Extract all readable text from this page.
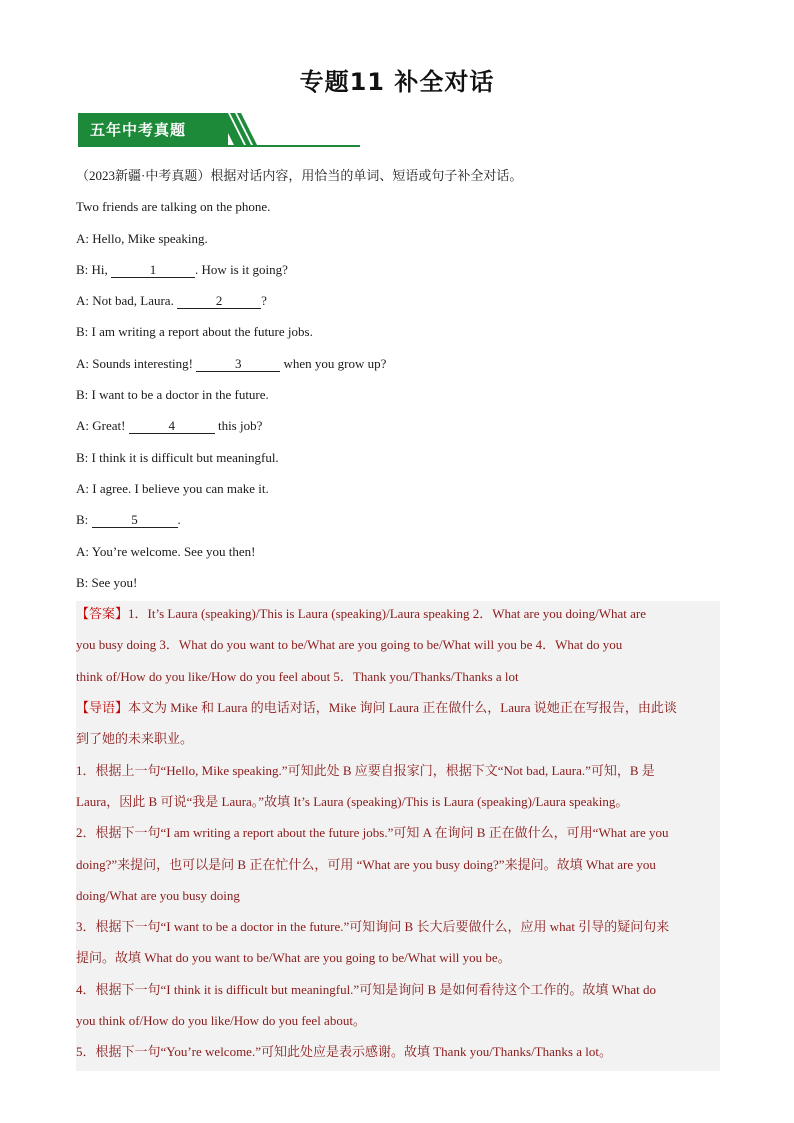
专题11 补全对话
五年中考真题
（2023新疆·中考真题）根据对话内容，用恰当的单词、短语或句子补全对话。
Two friends are talking on the phone.
A: Hello, Mike speaking.
B: Hi,	1	. How is it going?
A: Not bad, Laura.	2	?
B: I am writing a report about the future jobs.
A: Sounds interesting!	3	when you grow up?
B: I want to be a doctor in the future.
A: Great!	4	this job?
B: I think it is difficult but meaningful.
A: I agree. I believe you can make it.
B:	5	.
A: You’re welcome. See you then!
B: See you!
【答案】1．It’s Laura (speaking)/This is Laura (speaking)/Laura speaking 2．What are you doing/What are
you busy doing 3．What do you want to be/What are you going to be/What will you be 4．What do you
think of/How do you like/How do you feel about 5．Thank you/Thanks/Thanks a lot
【导语】本文为 Mike 和 Laura 的电话对话，Mike 询问 Laura 正在做什么，Laura 说她正在写报告，由此谈
到了她的未来职业。
1．根据上一句“Hello, Mike speaking.”可知此处 B 应要自报家门，根据下文“Not bad, Laura.”可知，B 是
Laura，因此 B 可说“我是 Laura。”故填 It’s Laura (speaking)/This is Laura (speaking)/Laura speaking。
2．根据下一句“I am writing a report about the future jobs.”可知 A 在询问 B 正在做什么，可用“What are you
doing?”来提问，也可以是问 B 正在忙什么，可用 “What are you busy doing?”来提问。故填 What are you
doing/What are you busy doing
3．根据下一句“I want to be a doctor in the future.”可知询问 B 长大后要做什么，应用 what 引导的疑问句来
提问。故填 What do you want to be/What are you going to be/What will you be。
4．根据下一句“I think it is difficult but meaningful.”可知是询问 B 是如何看待这个工作的。故填 What do
you think of/How do you like/How do you feel about。
5．根据下一句“You’re welcome.”可知此处应是表示感谢。故填 Thank you/Thanks/Thanks a lot。
